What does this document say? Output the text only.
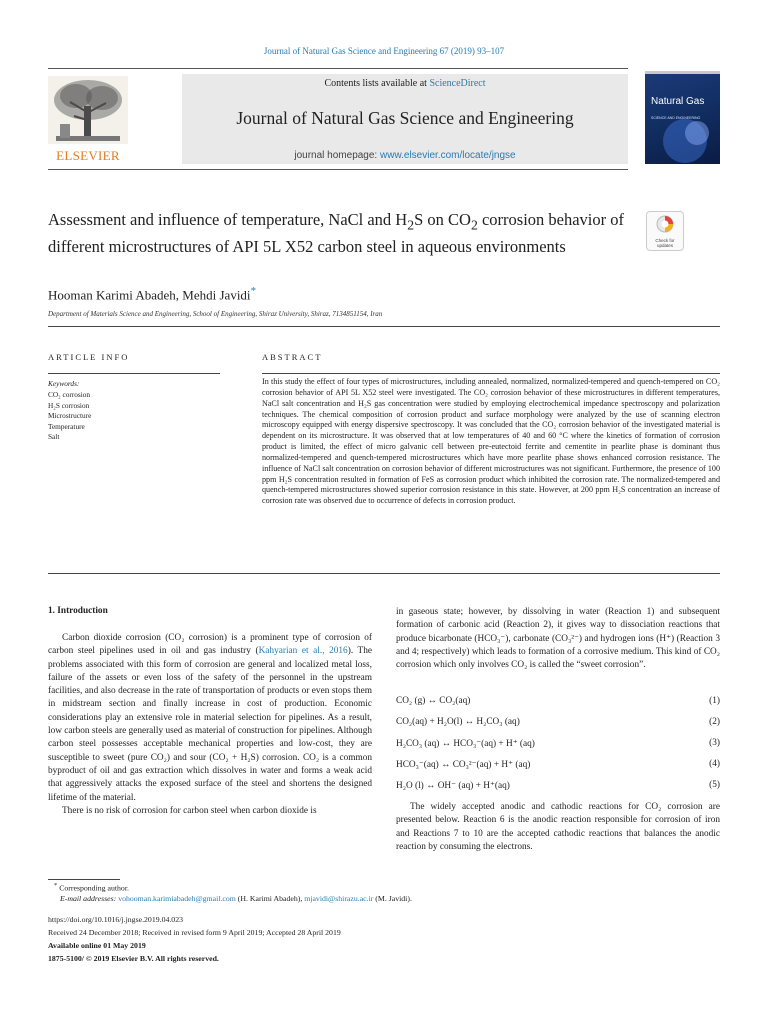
Journal of Natural Gas Science and Engineering 67 (2019) 93–107
Contents lists available at ScienceDirect
Journal of Natural Gas Science and Engineering
journal homepage: www.elsevier.com/locate/jngse
ELSEVIER
Natural Gas
SCIENCE AND ENGINEERING
Assessment and influence of temperature, NaCl and $H_2S$ on $CO_2$ corrosion behavior of different microstructures of API 5L X52 carbon steel in aqueous environments	Check for updates
Hooman Karimi Abadeh, Mehdi Javidi*
Department of Materials Science and Engineering, School of Engineering, Shiraz University, Shiraz, 7134851154, Iran
ARTICLE INFO
Keywords:
CO₂ corrosion
H₂S corrosion
Microstructure
Temperature
Salt
ABSTRACT
In this study the effect of four types of microstructures, including annealed, normalized, normalized-tempered and quench-tempered on CO₂ corrosion behavior of API 5L X52 steel were investigated. The CO₂ corrosion behavior of these microstructures in different temperatures, NaCl salt concentration and H₂S gas concentration were studied by employing electrochemical impedance spectroscopy and polarization techniques. The chemical composition of corrosion product and surface morphology were analyzed by the use of scanning electron microscopy equipped with energy dispersive spectroscopy. It was concluded that the CO₂ corrosion behavior of the investigated material is dependent on its microstructure. It was observed that at low temperatures of 40 and 60 °C where the kinetics of formation of corrosion product is limited, the effect of micro galvanic cell between pre-eutectoid ferrite and cementite in pearlite phase is dominant thus normalized-tempered and quench-tempered microstructures which have more pearlite phase shows enhanced corrosion resistance. The influence of NaCl salt concentration on corrosion behavior of different microstructures was not significant. Furthermore, the presence of 100 ppm H₂S concentration resulted in formation of FeS as corrosion product which inhibited the corrosion rate. The normalized-tempered and quench-tempered microstructures showed superior corrosion resistance in this state. However, at 200 ppm H₂S concentration an increase of corrosion rate was observed due to occurrence of defects in corrosion product.
1. Introduction

Carbon dioxide corrosion (CO₂ corrosion) is a prominent type of corrosion of carbon steel pipelines used in oil and gas industry (Kahyarian et al., 2016). The problems associated with this form of corrosion are general and localized metal loss, failure of the assets or even loss of the safety of the personnel in the upstream facilities, and also decrease in the rate of transportation of products or even stops them in midstream section and finally increase in cost of production. Economic considerations play an extensive role in material selection for pipelines. As a result, low carbon steels are generally used as material of construction for pipelines. Although carbon steel possesses acceptable mechanical properties and low-cost, they are susceptible to sweet (pure CO₂) and sour (CO₂ + H₂S) corrosion. CO₂ is a common byproduct of oil and gas extraction which dissolves in water and forms a weak acid that aggressively attacks the exposed surface of the steel and shortens the designed lifetime of the material.

There is no risk of corrosion for carbon steel when carbon dioxide is

in gaseous state; however, by dissolving in water (Reaction 1) and subsequent formation of carbonic acid (Reaction 2), it gives way to dissociation reactions that produce bicarbonate (HCO₃⁻), carbonate (CO₃²⁻) and hydrogen ions (H⁺) (Reaction 3 and 4; respectively) which leads to formation of a corrosive medium. This kind of CO₂ corrosion which only involves CO₂ is called the “sweet corrosion”.

CO₂ (g) ↔ CO₂(aq)	(1)
CO₂(aq) + H₂O(l) ↔ H₂CO₃ (aq)	(2)
H₂CO₃ (aq) ↔ HCO₃⁻(aq) + H⁺ (aq)	(3)
HCO₃⁻(aq) ↔ CO₃²⁻(aq) + H⁺ (aq)	(4)
H₂O (l) ↔ OH⁻ (aq) + H⁺(aq)	(5)

The widely accepted anodic and cathodic reactions for CO₂ corrosion are presented below. Reaction 6 is the anodic reaction responsible for corrosion of iron and Reactions 7 to 10 are the accepted cathodic reactions that balances the anodic reaction by consuming the electrons.

* Corresponding author.
E-mail addresses: vohooman.karimiabadeh@gmail.com (H. Karimi Abadeh), mjavidi@shirazu.ac.ir (M. Javidi).
https://doi.org/10.1016/j.jngse.2019.04.023
Received 24 December 2018; Received in revised form 9 April 2019; Accepted 28 April 2019
Available online 01 May 2019
1875-5100/ © 2019 Elsevier B.V. All rights reserved.
